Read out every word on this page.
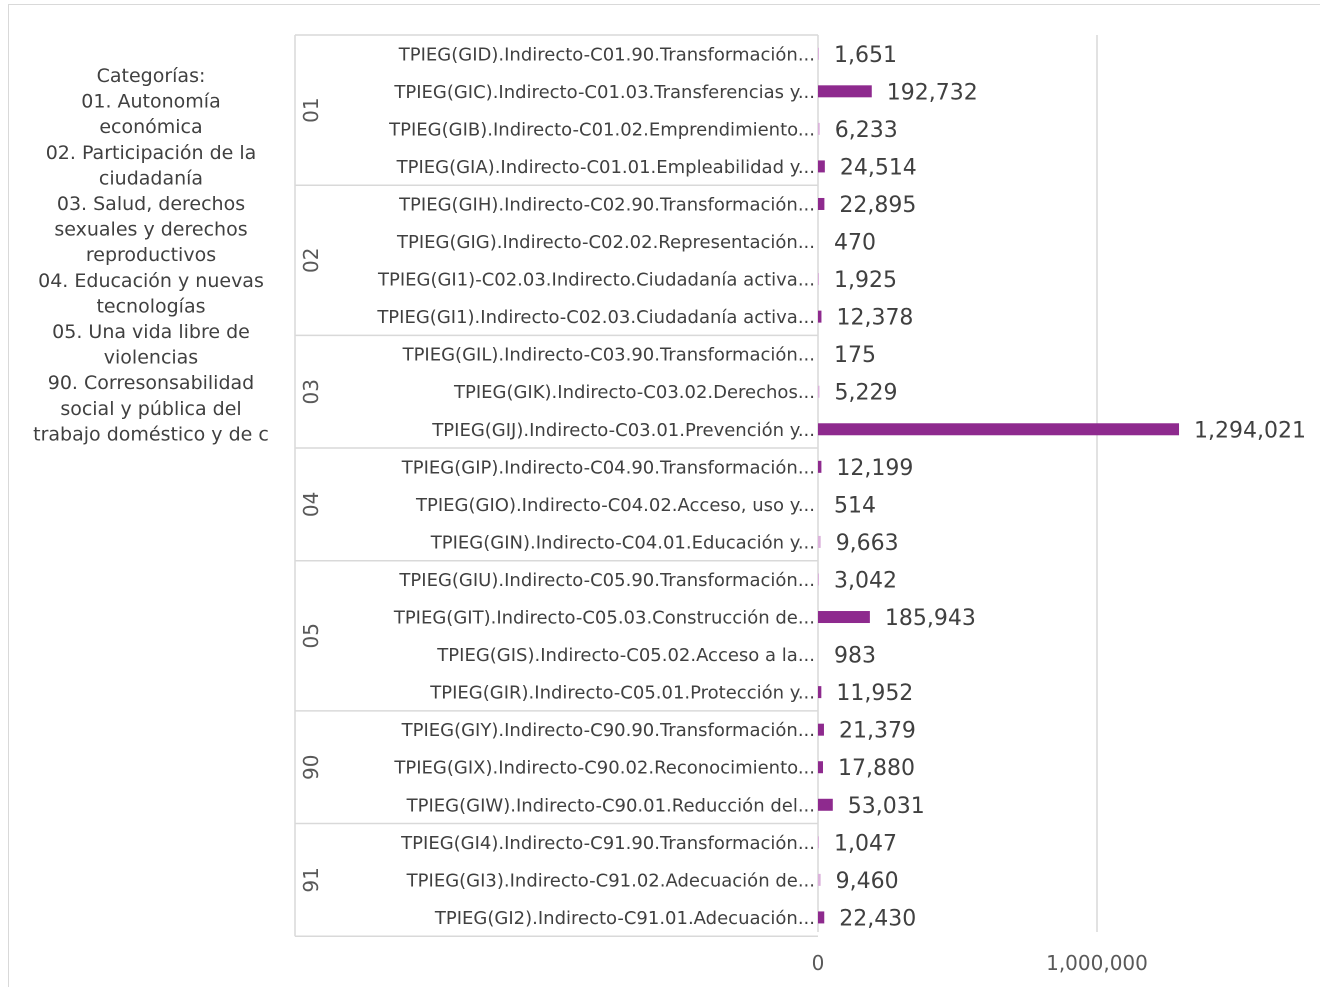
Categorías:
01. Autonomía
económica
02. Participación de la
ciudadanía
03. Salud, derechos
sexuales y derechos
reproductivos
04. Educación y nuevas
tecnologías
05. Una vida libre de
violencias
90. Corresonsabilidad
social y pública del
trabajo doméstico y de c
TPIEG(GID).Indirecto-C01.90.Transformación...
TPIEG(GIC).Indirecto-C01.03.Transferencias y...
TPIEG(GIB).Indirecto-C01.02.Emprendimiento...
TPIEG(GIA).Indirecto-C01.01.Empleabilidad y...
TPIEG(GIH).Indirecto-C02.90.Transformación...
TPIEG(GIG).Indirecto-C02.02.Representación...
TPIEG(GI1)-C02.03.Indirecto.Ciudadanía activa...
TPIEG(GI1).Indirecto-C02.03.Ciudadanía activa...
TPIEG(GIL).Indirecto-C03.90.Transformación...
TPIEG(GIK).Indirecto-C03.02.Derechos...
TPIEG(GIJ).Indirecto-C03.01.Prevención y...
TPIEG(GIP).Indirecto-C04.90.Transformación...
TPIEG(GIO).Indirecto-C04.02.Acceso, uso y...
TPIEG(GIN).Indirecto-C04.01.Educación y...
TPIEG(GIU).Indirecto-C05.90.Transformación...
TPIEG(GIT).Indirecto-C05.03.Construcción de...
TPIEG(GIS).Indirecto-C05.02.Acceso a la...
TPIEG(GIR).Indirecto-C05.01.Protección y...
TPIEG(GIY).Indirecto-C90.90.Transformación...
TPIEG(GIX).Indirecto-C90.02.Reconocimiento...
TPIEG(GIW).Indirecto-C90.01.Reducción del...
TPIEG(GI4).Indirecto-C91.90.Transformación...
TPIEG(GI3).Indirecto-C91.02.Adecuación de...
TPIEG(GI2).Indirecto-C91.01.Adecuación...
1,651
192,732
6,233
24,514
22,895
470
1,925
12,378
175
5,229
1,294,021
12,199
514
9,663
3,042
185,943
983
11,952
21,379
17,880
53,031
1,047
9,460
22,430
01
02
03
04
05
90
91
0	1,000,000
